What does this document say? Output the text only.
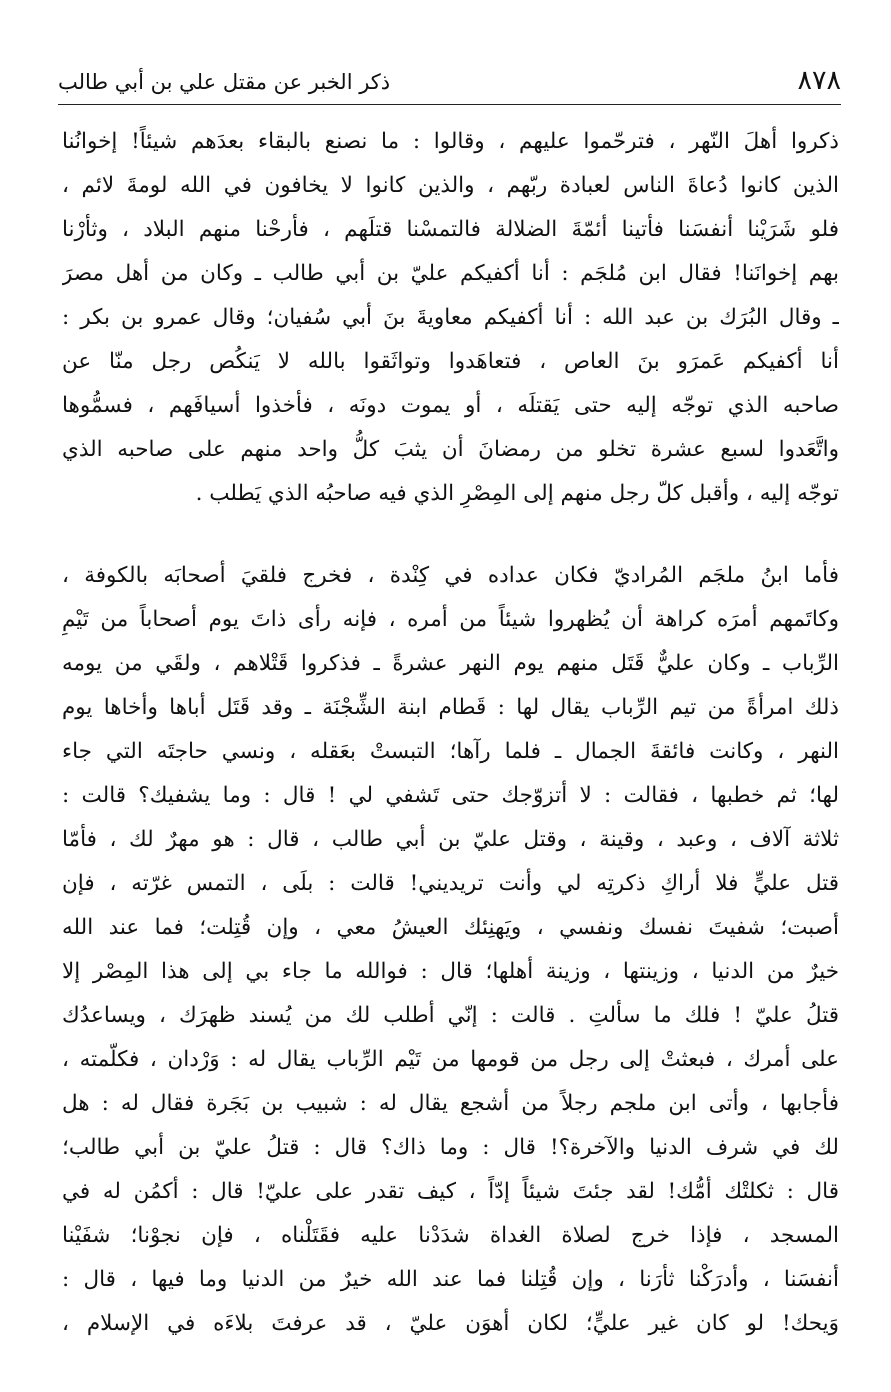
٨٧٨
ذكر الخبر عن مقتل علي بن أبي طالب
ذكروا أهلَ النّهر ، فترحّموا عليهم ، وقالوا : ما نصنع بالبقاء بعدَهم شيئاً! إخوانُنا
الذين كانوا دُعاةَ الناس لعبادة ربّهم ، والذين كانوا لا يخافون في الله لومةَ لائم ،
فلو شَرَيْنا أنفسَنا فأتينا أئمّةَ الضلالة فالتمسْنا قتلَهم ، فأرحْنا منهم البلاد ، وثأرْنا
بهم إخوانَنا! فقال ابن مُلجَم : أنا أكفيكم عليّ بن أبي طالب ـ وكان من أهل مصرَ
ـ وقال البُرَك بن عبد الله : أنا أكفيكم معاويةَ بنَ أبي سُفيان؛ وقال عمرو بن بكر :
أنا أكفيكم عَمرَو بنَ العاص ، فتعاهَدوا وتواثَقوا بالله لا يَنكُص رجل منّا عن
صاحبه الذي توجّه إليه حتى يَقتلَه ، أو يموت دونَه ، فأخذوا أسيافَهم ، فسمُّوها
واتَّعَدوا لسبع عشرة تخلو من رمضانَ أن يثبَ كلُّ واحد منهم على صاحبه الذي
توجّه إليه ، وأقبل كلّ رجل منهم إلى المِصْرِ الذي فيه صاحبُه الذي يَطلب .
فأما ابنُ ملجَم المُراديّ فكان عداده في كِنْدة ، فخرج فلقيَ أصحابَه بالكوفة ،
وكاتَمهم أمرَه كراهة أن يُظهروا شيئاً من أمره ، فإنه رأى ذاتَ يوم أصحاباً من تَيْمِ
الرِّباب ـ وكان عليٌّ قَتَل منهم يوم النهر عشرةً ـ فذكروا قَتْلاهم ، ولقَي من يومه
ذلك امرأةً من تيم الرِّباب يقال لها : قَطام ابنة الشِّجْنَة ـ وقد قَتَل أباها وأخاها يوم
النهر ، وكانت فائقةَ الجمال ـ فلما رآها؛ التبستْ بعَقله ، ونسي حاجتَه التي جاء
لها؛ ثم خطبها ، فقالت : لا أتزوّجك حتى تَشفي لي ! قال : وما يشفيك؟ قالت :
ثلاثة آلاف ، وعبد ، وقينة ، وقتل عليّ بن أبي طالب ، قال : هو مهرٌ لك ، فأمّا
قتل عليٍّ فلا أراكِ ذكرتِه لي وأنت تريديني! قالت : بلَى ، التمس غرّته ، فإن
أصبت؛ شفيتَ نفسك ونفسي ، ويَهنِئك العيشُ معي ، وإن قُتِلت؛ فما عند الله
خيرٌ من الدنيا ، وزينتها ، وزينة أهلها؛ قال : فوالله ما جاء بي إلى هذا المِصْر إلا
قتلُ عليّ ! فلك ما سألتِ . قالت : إنّي أطلب لك من يُسند ظهرَك ، ويساعدُك
على أمرك ، فبعثتْ إلى رجل من قومها من تَيْم الرِّباب يقال له : وَرْدان ، فكلّمته ،
فأجابها ، وأتى ابن ملجم رجلاً من أشجع يقال له : شبيب بن بَجَرة فقال له : هل
لك في شرف الدنيا والآخرة؟! قال : وما ذاك؟ قال : قتلُ عليّ بن أبي طالب؛
قال : ثكلتْك أمُّك! لقد جئتَ شيئاً إدّاً ، كيف تقدر على عليّ! قال : أكمُن له في
المسجد ، فإذا خرج لصلاة الغداة شدَدْنا عليه فقَتَلْناه ، فإن نجوْنا؛ شفَيْنا
أنفسَنا ، وأدرَكْنا ثأرَنا ، وإن قُتِلنا فما عند الله خيرٌ من الدنيا وما فيها ، قال :
وَيحك! لو كان غير عليٍّ؛ لكان أهوَن عليّ ، قد عرفتَ بلاءَه في الإسلام ،
